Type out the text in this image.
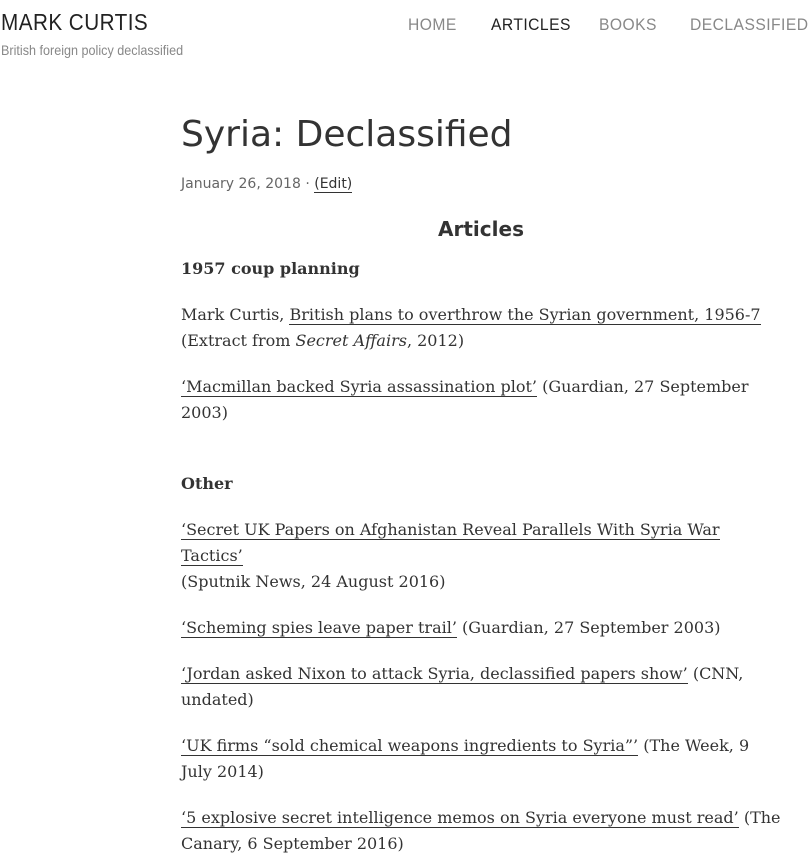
MARK CURTIS

British foreign policy declassified

HOME ARTICLES BOOKS DECLASSIFIED
Syria: Declassified
January 26, 2018 · (Edit)
Articles

1957 coup planning

Mark Curtis, British plans to overthrow the Syrian government, 1956-7
(Extract from Secret Affairs, 2012)

‘Macmillan backed Syria assassination plot’ (Guardian, 27 September 2003)

Other

‘Secret UK Papers on Afghanistan Reveal Parallels With Syria War Tactics’
(Sputnik News, 24 August 2016)

‘Scheming spies leave paper trail’ (Guardian, 27 September 2003)

‘Jordan asked Nixon to attack Syria, declassified papers show’ (CNN, undated)

‘UK firms “sold chemical weapons ingredients to Syria”’ (The Week, 9 July 2014)

‘5 explosive secret intelligence memos on Syria everyone must read’ (The Canary, 6 September 2016)
